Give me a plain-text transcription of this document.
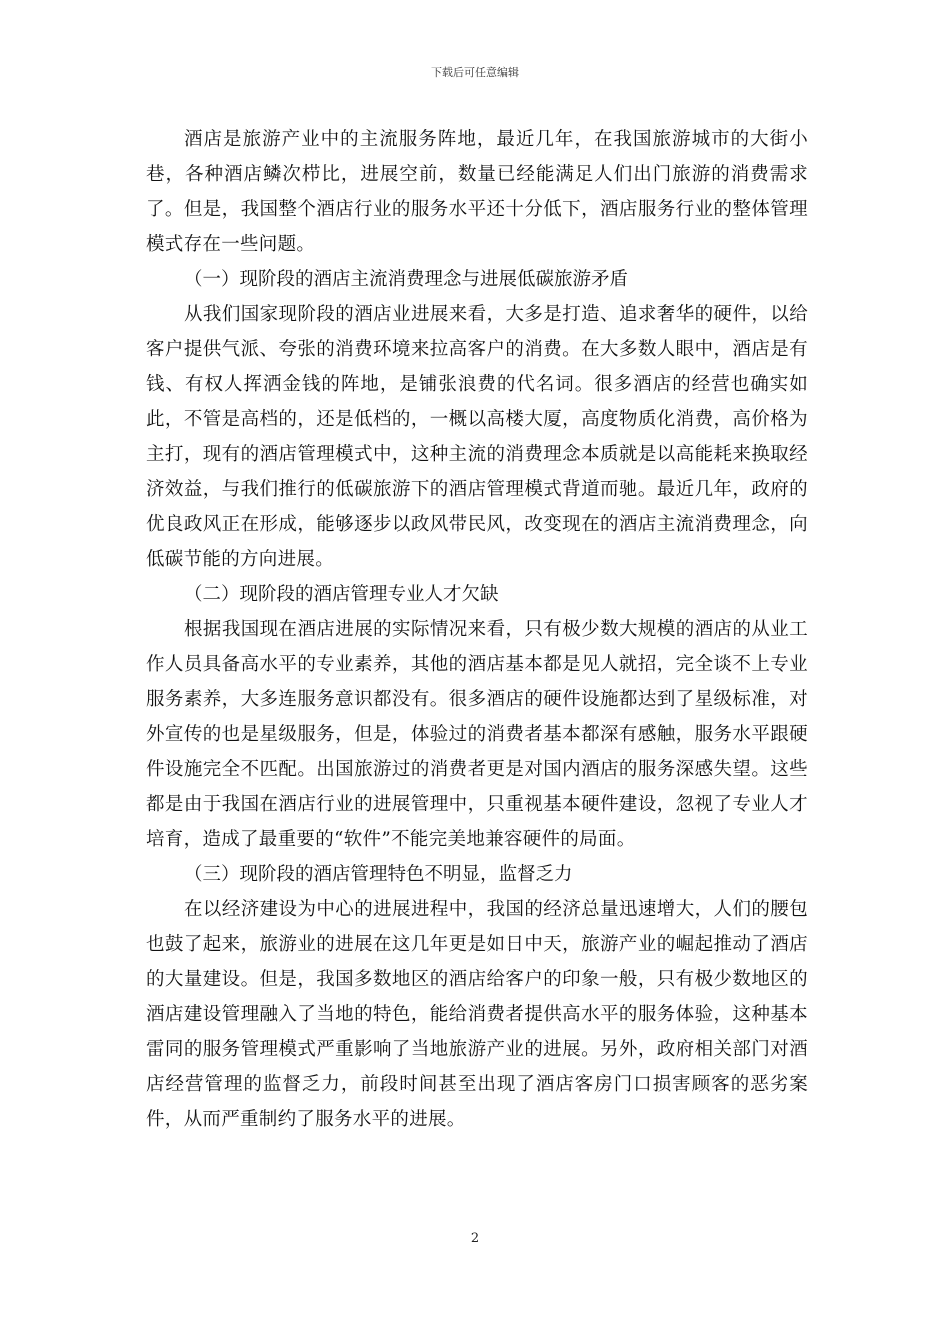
下载后可任意编辑

酒店是旅游产业中的主流服务阵地，最近几年，在我国旅游城市的大街小巷，各种酒店鳞次栉比，进展空前，数量已经能满足人们出门旅游的消费需求了。但是，我国整个酒店行业的服务水平还十分低下，酒店服务行业的整体管理模式存在一些问题。

（一）现阶段的酒店主流消费理念与进展低碳旅游矛盾

从我们国家现阶段的酒店业进展来看，大多是打造、追求奢华的硬件，以给客户提供气派、夸张的消费环境来拉高客户的消费。在大多数人眼中，酒店是有钱、有权人挥洒金钱的阵地，是铺张浪费的代名词。很多酒店的经营也确实如此，不管是高档的，还是低档的，一概以高楼大厦，高度物质化消费，高价格为主打，现有的酒店管理模式中，这种主流的消费理念本质就是以高能耗来换取经济效益，与我们推行的低碳旅游下的酒店管理模式背道而驰。最近几年，政府的优良政风正在形成，能够逐步以政风带民风，改变现在的酒店主流消费理念，向低碳节能的方向进展。

（二）现阶段的酒店管理专业人才欠缺

根据我国现在酒店进展的实际情况来看，只有极少数大规模的酒店的从业工作人员具备高水平的专业素养，其他的酒店基本都是见人就招，完全谈不上专业服务素养，大多连服务意识都没有。很多酒店的硬件设施都达到了星级标准，对外宣传的也是星级服务，但是，体验过的消费者基本都深有感触，服务水平跟硬件设施完全不匹配。出国旅游过的消费者更是对国内酒店的服务深感失望。这些都是由于我国在酒店行业的进展管理中，只重视基本硬件建设，忽视了专业人才培育，造成了最重要的“软件”不能完美地兼容硬件的局面。

（三）现阶段的酒店管理特色不明显，监督乏力

在以经济建设为中心的进展进程中，我国的经济总量迅速增大，人们的腰包也鼓了起来，旅游业的进展在这几年更是如日中天，旅游产业的崛起推动了酒店的大量建设。但是，我国多数地区的酒店给客户的印象一般，只有极少数地区的酒店建设管理融入了当地的特色，能给消费者提供高水平的服务体验，这种基本雷同的服务管理模式严重影响了当地旅游产业的进展。另外，政府相关部门对酒店经营管理的监督乏力，前段时间甚至出现了酒店客房门口损害顾客的恶劣案件，从而严重制约了服务水平的进展。

2
